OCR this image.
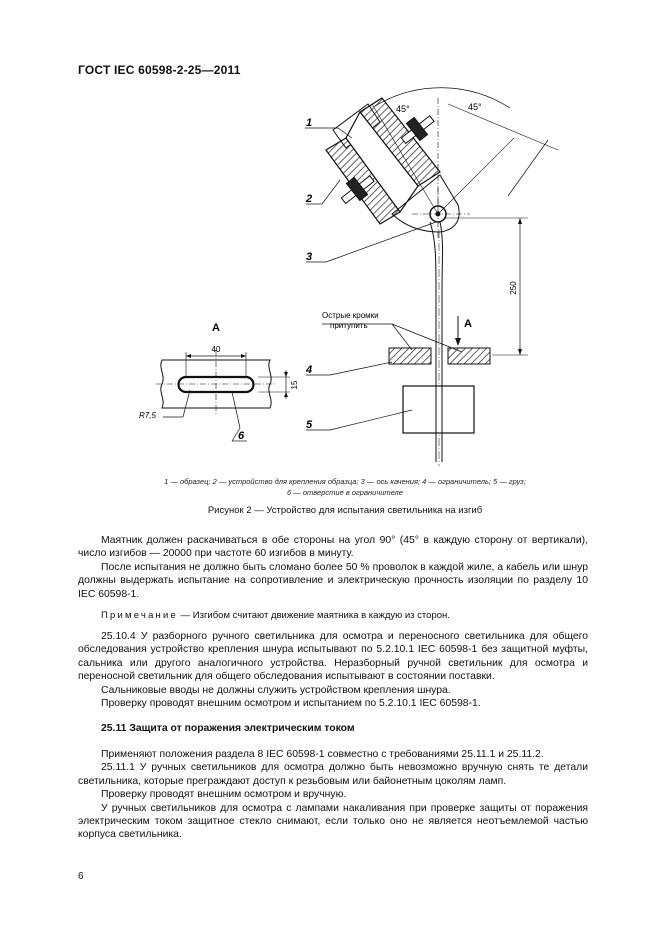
ГОСТ IEC 60598-2-25—2011
A
40
15
R7,5
6
45°	45°
250
A
Острые кромки
притупить
1
2
3
4
5
1 — образец; 2 — устройство для крепления образца; 3 — ось качения; 4 — ограничитель; 5 — груз;
6 — отверстие в ограничителе
Рисунок 2 — Устройство для испытания светильника на изгиб

Маятник должен раскачиваться в обе стороны на угол 90° (45° в каждую сторону от вертикали), число изгибов — 20000 при частоте 60 изгибов в минуту.

После испытания не должно быть сломано более 50 % проволок в каждой жиле, а кабель или шнур должны выдержать испытание на сопротивление и электрическую прочность изоляции по разделу 10 IEC 60598-1.

Примечание — Изгибом считают движение маятника в каждую из сторон.

25.10.4 У разборного ручного светильника для осмотра и переносного светильника для общего обследования устройство крепления шнура испытывают по 5.2.10.1 IEC 60598-1 без защитной муфты, сальника или другого аналогичного устройства. Неразборный ручной светильник для осмотра и переносной светильник для общего обследования испытывают в состоянии поставки.

Сальниковые вводы не должны служить устройством крепления шнура.

Проверку проводят внешним осмотром и испытанием по 5.2.10.1 IEC 60598-1.

25.11 Защита от поражения электрическим током

Применяют положения раздела 8 IEC 60598-1 совместно с требованиями 25.11.1 и 25.11.2.

25.11.1 У ручных светильников для осмотра должно быть невозможно вручную снять те детали светильника, которые преграждают доступ к резьбовым или байонетным цоколям ламп.

Проверку проводят внешним осмотром и вручную.

У ручных светильников для осмотра с лампами накаливания при проверке защиты от поражения электрическим током защитное стекло снимают, если только оно не является неотъемлемой частью корпуса светильника.

6
